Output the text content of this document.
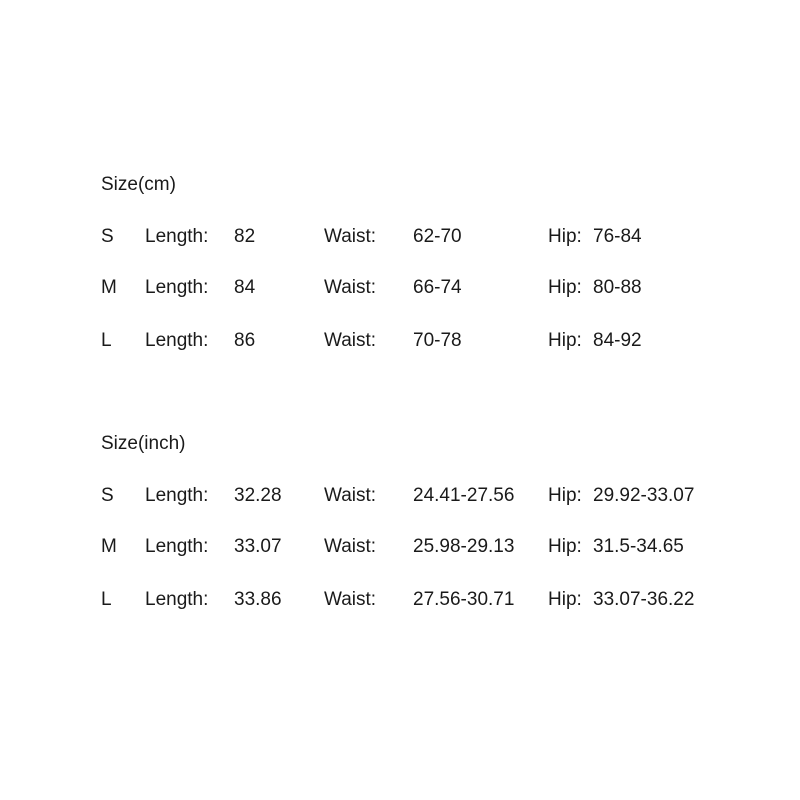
Size(cm)
S Length: 82	Waist: 62-70	Hip: 76-84
M Length: 84	Waist: 66-74	Hip: 80-88
L Length: 86	Waist: 70-78	Hip: 84-92
Size(inch)
S Length: 32.28 Waist: 24.41-27.56 Hip: 29.92-33.07
M Length: 33.07 Waist: 25.98-29.13 Hip: 31.5-34.65
L Length: 33.86 Waist: 27.56-30.71 Hip: 33.07-36.22
